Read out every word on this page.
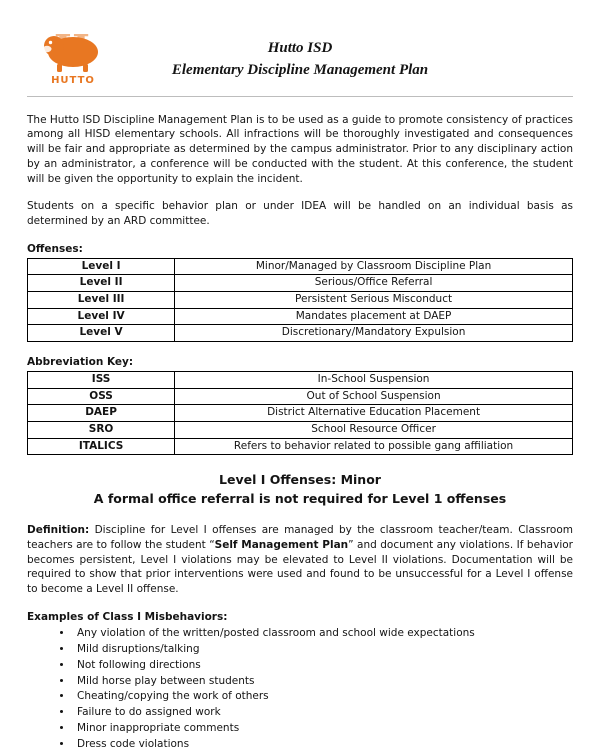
HUTTO
Hutto ISD
Elementary Discipline Management Plan

The Hutto ISD Discipline Management Plan is to be used as a guide to promote consistency of practices among all HISD elementary schools. All infractions will be thoroughly investigated and consequences will be fair and appropriate as determined by the campus administrator. Prior to any disciplinary action by an administrator, a conference will be conducted with the student. At this conference, the student will be given the opportunity to explain the incident.

Students on a specific behavior plan or under IDEA will be handled on an individual basis as determined by an ARD committee.

Offenses:
Level I	Minor/Managed by Classroom Discipline Plan
Level II	Serious/Office Referral
Level III	Persistent Serious Misconduct
Level IV	Mandates placement at DAEP
Level V	Discretionary/Mandatory Expulsion
Abbreviation Key:
ISS	In-School Suspension
OSS	Out of School Suspension
DAEP	District Alternative Education Placement
SRO	School Resource Officer
ITALICS	Refers to behavior related to possible gang affiliation
Level I Offenses: Minor
A formal office referral is not required for Level 1 offenses

Definition: Discipline for Level I offenses are managed by the classroom teacher/team. Classroom teachers are to follow the student “Self Management Plan” and document any violations. If behavior becomes persistent, Level I violations may be elevated to Level II violations. Documentation will be required to show that prior interventions were used and found to be unsuccessful for a Level I offense to become a Level II offense.

Examples of Class I Misbehaviors:
• Any violation of the written/posted classroom and school wide expectations
• Mild disruptions/talking
• Not following directions
• Mild horse play between students
• Cheating/copying the work of others
• Failure to do assigned work
• Minor inappropriate comments
• Dress code violations
